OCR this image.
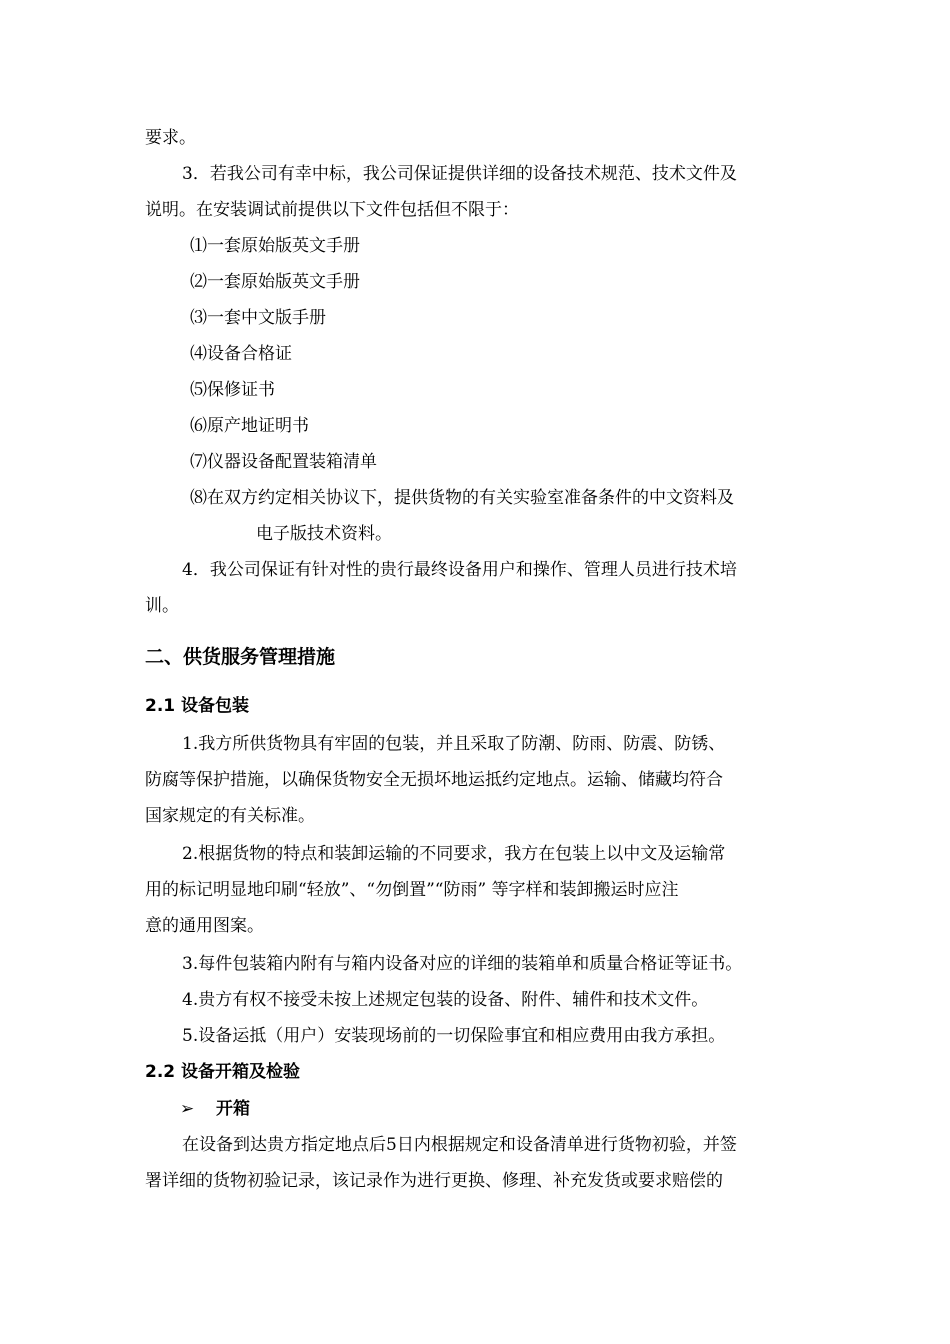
要求。
3．若我公司有幸中标，我公司保证提供详细的设备技术规范、技术文件及
说明。在安装调试前提供以下文件包括但不限于：
⑴一套原始版英文手册
⑵一套原始版英文手册
⑶一套中文版手册
⑷设备合格证
⑸保修证书
⑹原产地证明书
⑺仪器设备配置装箱清单
⑻在双方约定相关协议下，提供货物的有关实验室准备条件的中文资料及
电子版技术资料。
4．我公司保证有针对性的贵行最终设备用户和操作、管理人员进行技术培
训。
二、供货服务管理措施
2.1 设备包装
1.我方所供货物具有牢固的包装，并且采取了防潮、防雨、防震、防锈、
防腐等保护措施，以确保货物安全无损坏地运抵约定地点。运输、储藏均符合
国家规定的有关标准。
2.根据货物的特点和装卸运输的不同要求，我方在包装上以中文及运输常
用的标记明显地印刷“轻放”、“勿倒置”“防雨” 等字样和装卸搬运时应注
意的通用图案。
3.每件包装箱内附有与箱内设备对应的详细的装箱单和质量合格证等证书。
4.贵方有权不接受未按上述规定包装的设备、附件、辅件和技术文件。
5.设备运抵（用户）安装现场前的一切保险事宜和相应费用由我方承担。
2.2 设备开箱及检验
➢ 开箱
在设备到达贵方指定地点后5日内根据规定和设备清单进行货物初验，并签
署详细的货物初验记录，该记录作为进行更换、修理、补充发货或要求赔偿的
